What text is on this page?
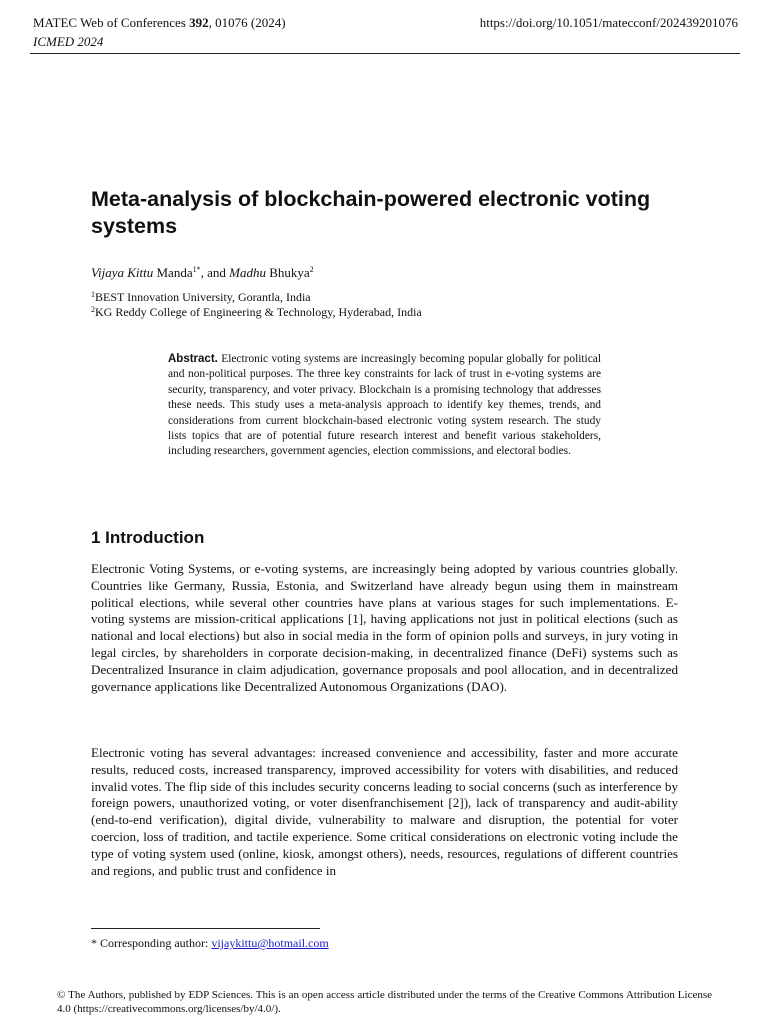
MATEC Web of Conferences 392, 01076 (2024)	https://doi.org/10.1051/matecconf/202439201076
ICMED 2024
Meta-analysis of blockchain-powered electronic voting systems
Vijaya Kittu Manda$^{1*}$, and Madhu Bhukya$^2$
$^1$BEST Innovation University, Gorantla, India
$^2$KG Reddy College of Engineering & Technology, Hyderabad, India
Abstract. Electronic voting systems are increasingly becoming popular globally for political and non-political purposes. The three key constraints for lack of trust in e-voting systems are security, transparency, and voter privacy. Blockchain is a promising technology that addresses these needs. This study uses a meta-analysis approach to identify key themes, trends, and considerations from current blockchain-based electronic voting system research. The study lists topics that are of potential future research interest and benefit various stakeholders, including researchers, government agencies, election commissions, and electoral bodies.
1 Introduction

Electronic Voting Systems, or e-voting systems, are increasingly being adopted by various countries globally. Countries like Germany, Russia, Estonia, and Switzerland have already begun using them in mainstream political elections, while several other countries have plans at various stages for such implementations. E-voting systems are mission-critical applications [1], having applications not just in political elections (such as national and local elections) but also in social media in the form of opinion polls and surveys, in jury voting in legal circles, by shareholders in corporate decision-making, in decentralized finance (DeFi) systems such as Decentralized Insurance in claim adjudication, governance proposals and pool allocation, and in decentralized governance applications like Decentralized Autonomous Organizations (DAO).

Electronic voting has several advantages: increased convenience and accessibility, faster and more accurate results, reduced costs, increased transparency, improved accessibility for voters with disabilities, and reduced invalid votes. The flip side of this includes security concerns leading to social concerns (such as interference by foreign powers, unauthorized voting, or voter disenfranchisement [2]), lack of transparency and audit-ability (end-to-end verification), digital divide, vulnerability to malware and disruption, the potential for voter coercion, loss of tradition, and tactile experience. Some critical considerations on electronic voting include the type of voting system used (online, kiosk, amongst others), needs, resources, regulations of different countries and regions, and public trust and confidence in

* Corresponding author: vijaykittu@hotmail.com
© The Authors, published by EDP Sciences. This is an open access article distributed under the terms of the Creative Commons Attribution License 4.0 (https://creativecommons.org/licenses/by/4.0/).
